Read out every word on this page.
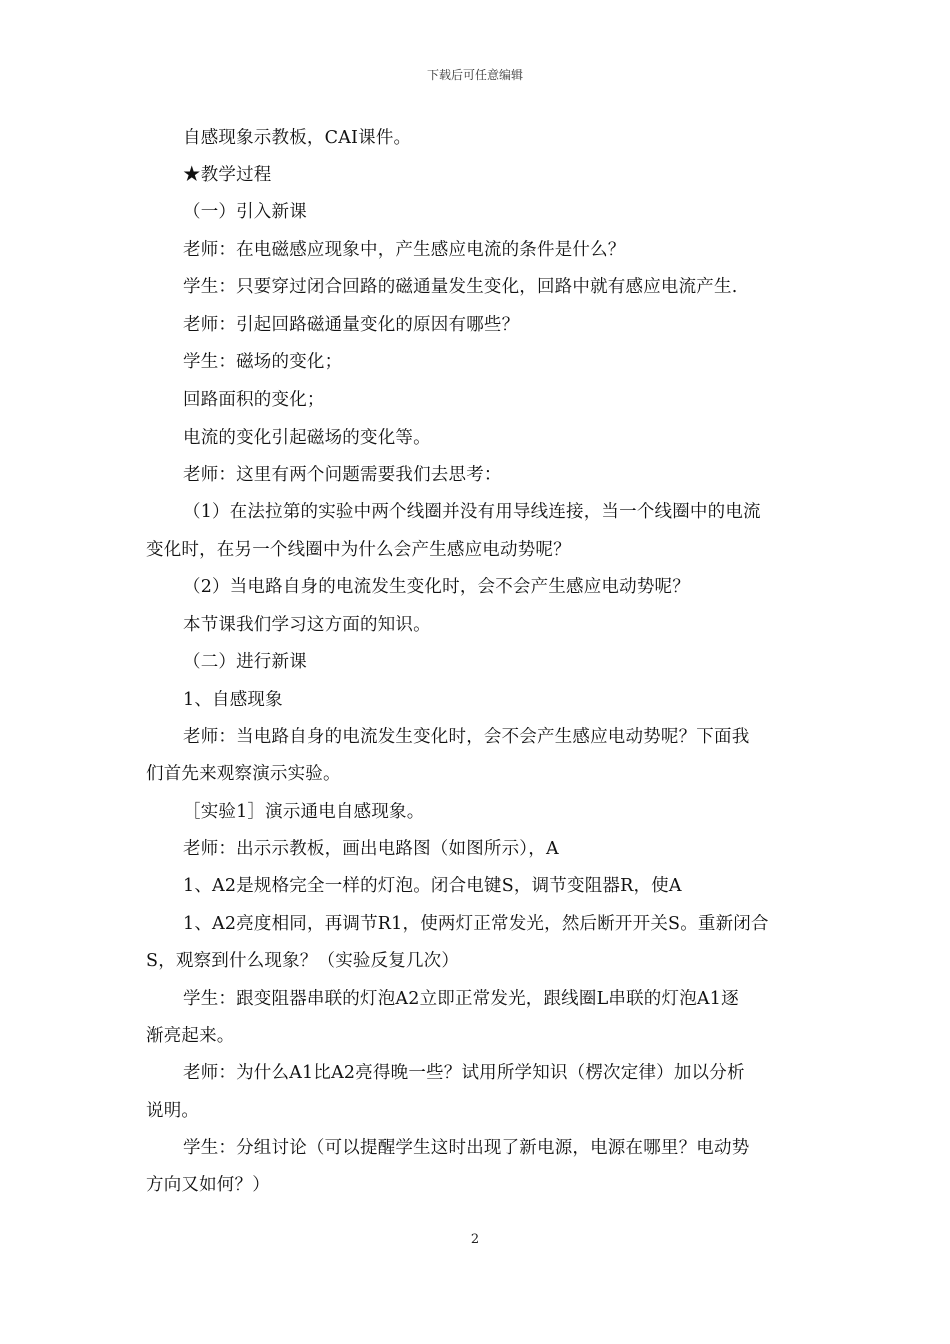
下载后可任意编辑
自感现象示教板，CAI课件。
★教学过程
（一）引入新课
老师：在电磁感应现象中，产生感应电流的条件是什么？
学生：只要穿过闭合回路的磁通量发生变化，回路中就有感应电流产生.
老师：引起回路磁通量变化的原因有哪些？
学生：磁场的变化；
回路面积的变化；
电流的变化引起磁场的变化等。
老师：这里有两个问题需要我们去思考：
（1）在法拉第的实验中两个线圈并没有用导线连接，当一个线圈中的电流
变化时，在另一个线圈中为什么会产生感应电动势呢？
（2）当电路自身的电流发生变化时，会不会产生感应电动势呢？
本节课我们学习这方面的知识。
（二）进行新课
1、自感现象
老师：当电路自身的电流发生变化时，会不会产生感应电动势呢？下面我
们首先来观察演示实验。
［实验1］演示通电自感现象。
老师：出示示教板，画出电路图（如图所示），A
1、A2是规格完全一样的灯泡。闭合电键S，调节变阻器R，使A
1、A2亮度相同，再调节R1，使两灯正常发光，然后断开开关S。重新闭合
S，观察到什么现象？（实验反复几次）
学生：跟变阻器串联的灯泡A2立即正常发光，跟线圈L串联的灯泡A1逐
渐亮起来。
老师：为什么A1比A2亮得晚一些？试用所学知识（楞次定律）加以分析
说明。
学生：分组讨论（可以提醒学生这时出现了新电源，电源在哪里？电动势
方向又如何？）
2
